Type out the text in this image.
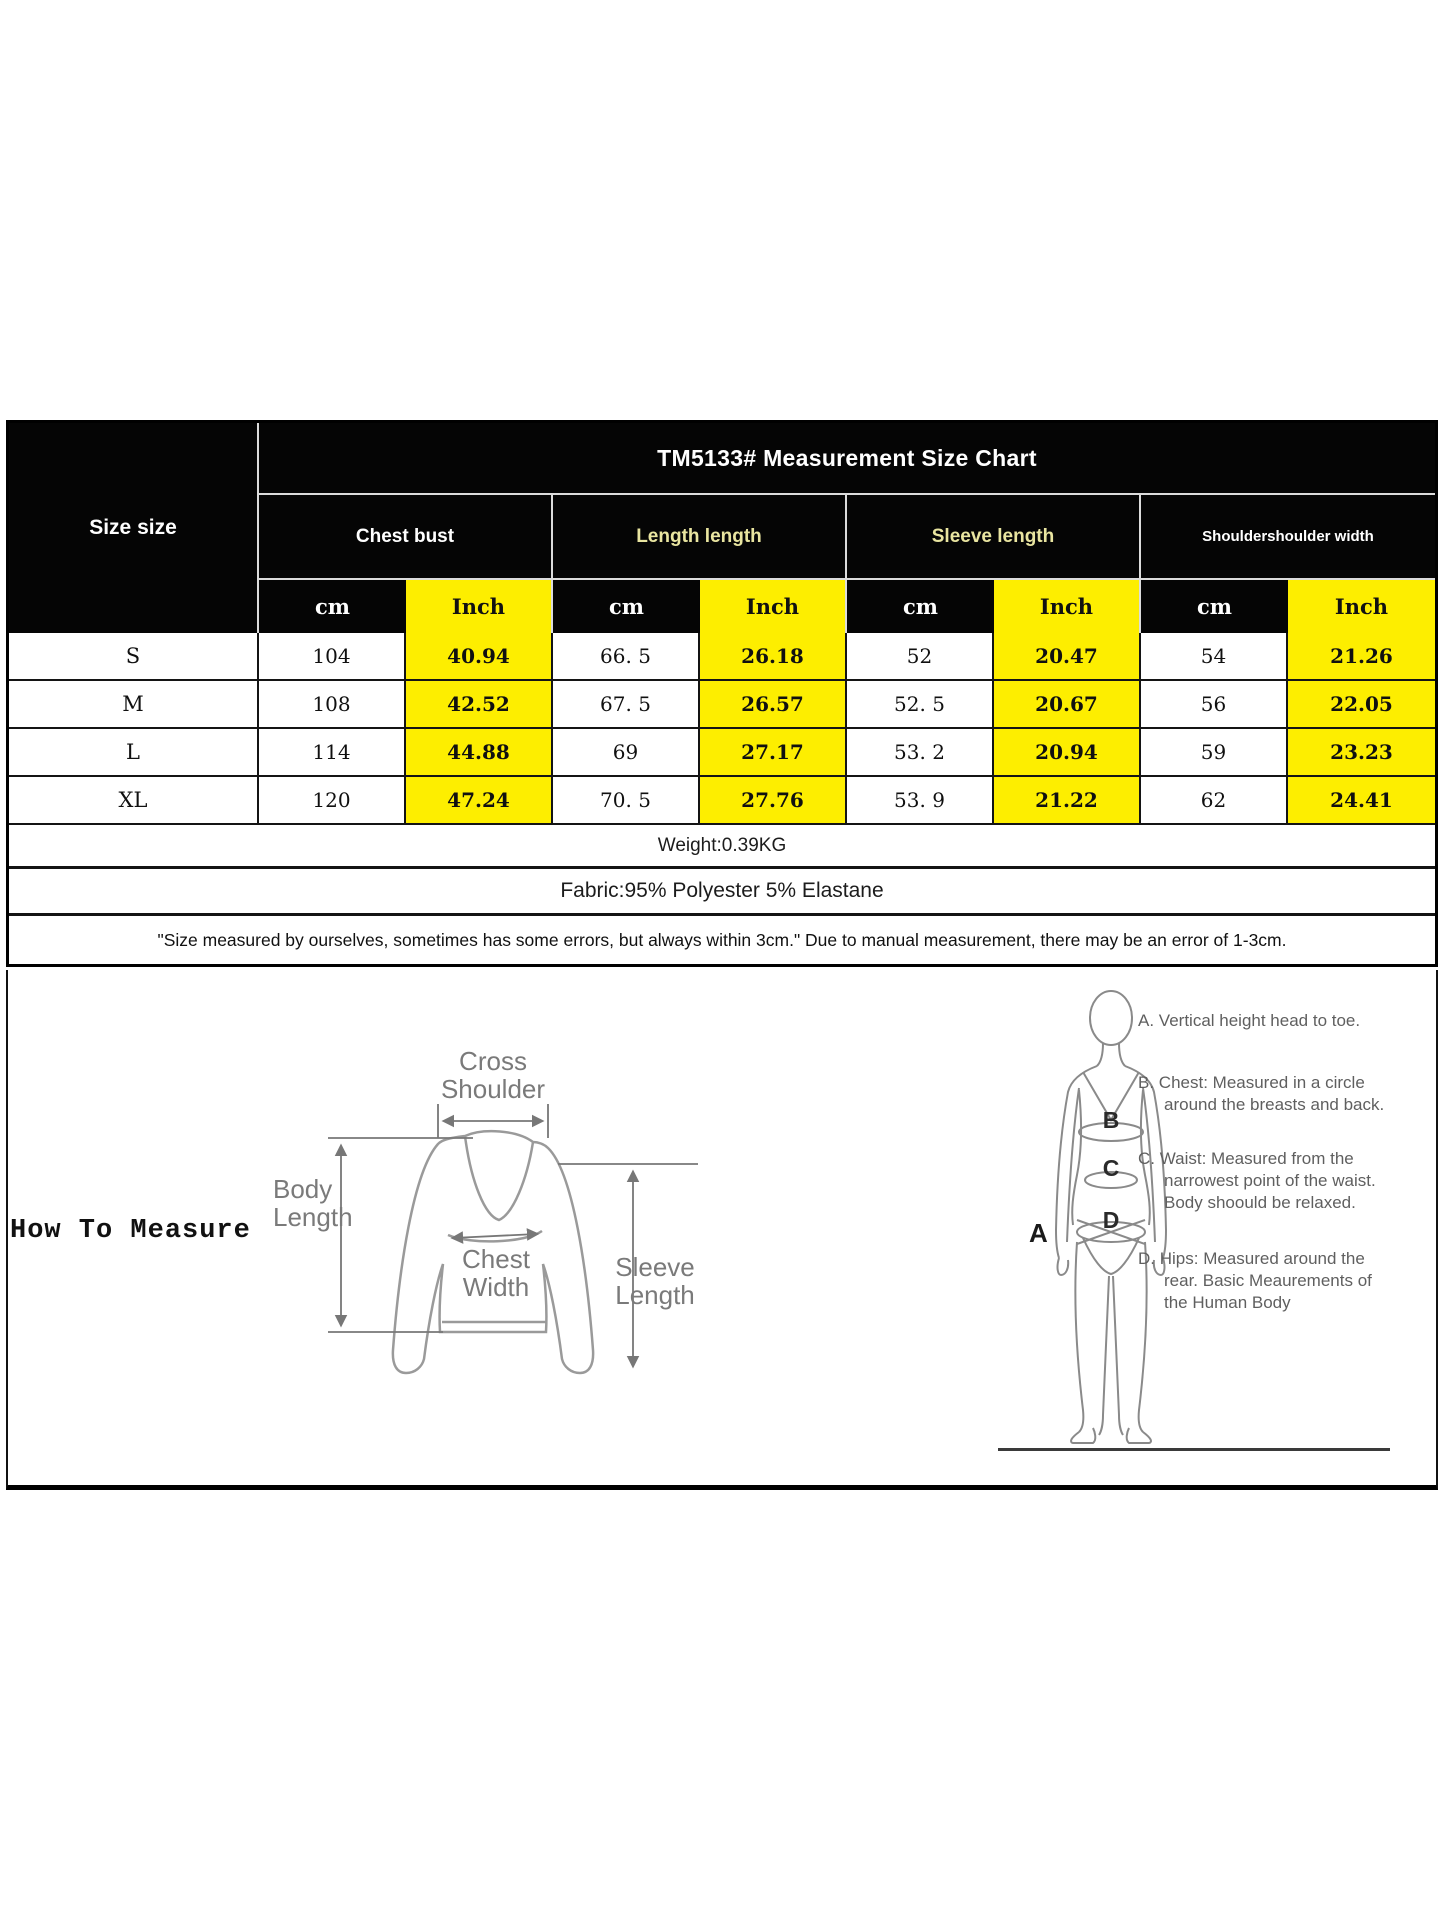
Size size
TM5133# Measurement Size Chart
Chest bust	Length length	Sleeve length	Shouldershoulder width
cm	Inch	cm	Inch	cm	Inch	cm	Inch
S	104	40.94	66. 5	26.18	52	20.47	54	21.26
M	108	42.52	67. 5	26.57	52. 5	20.67	56	22.05
L	114	44.88	69	27.17	53. 2	20.94	59	23.23
XL	120	47.24	70. 5	27.76	53. 9	21.22	62	24.41
Weight:0.39KG
Fabric:95% Polyester 5% Elastane
"Size measured by ourselves, sometimes has some errors, but always within 3cm." Due to manual measurement, there may be an error of 1-3cm.
How To Measure
Cross
Shoulder
Body
Length
Chest
Width
Sleeve
Length
A
B
C
D

A. Vertical height head to toe.

B. Chest: Measured in a circle around the breasts and back.

C. Waist: Measured from the narrowest point of the waist. Body shoould be relaxed.

D. Hips: Measured around the rear. Basic Meaurements of the Human Body
